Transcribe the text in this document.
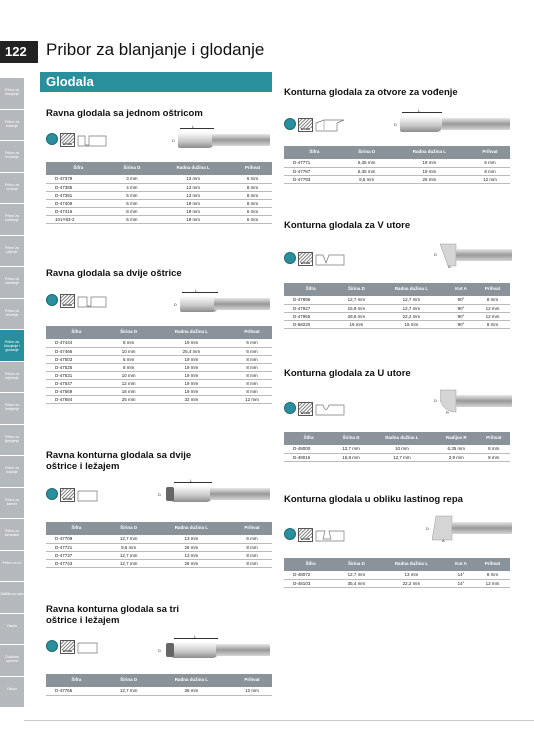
122	Pribor za blanjanje i glodanje
Pribor za blanjanje
Pribor za bušenje
Pribor za brušenje
Pribor za rezanje
Pribor za poliranje
Pribor za piljenje
Pribor za zavrtanje
Pribor za čišćenje
Pribor za blanjanje i glodanje
Pribor za mjerenje
Pribor za lemljenje
Pribor za lijepljenje
Pribor za bojanje
Pribor za kamen
Pribor za keramiku
Pribor za vrt
Zaštita na radu
Ostalo
Dodatna oprema
Ostalo
Glodala
Ravna glodala sa jednom oštricom
WOOD
L
D
Šifra	Širina D	Radna dužina L	Prihvat
D-47379	3 mm	13 mm	6 mm
D-47385	4 mm	13 mm	8 mm
D-47391	5 mm	13 mm	8 mm
D-47409	6 mm	19 mm	8 mm
D-47416	8 mm	19 mm	6 mm
101Y83-2	6 mm	19 mm	6 mm
Ravna glodala sa dvije oštrice
WOOD
L
D
Šifra	Širina D	Radna dužina L	Prihvat
D-47444	8 mm	19 mm	6 mm
D-47466	10 mm	25,4 mm	6 mm
D-47503	6 mm	19 mm	8 mm
D-47525	8 mm	19 mm	8 mm
D-47531	10 mm	19 mm	8 mm
D-47547	12 mm	19 mm	8 mm
D-47569	16 mm	19 mm	8 mm
D-47684	25 mm	32 mm	12 mm
Ravna konturna glodala sa dvije oštrice i ležajem
WOOD
L
D
Šifra	Širina D	Radna dužina L	Prihvat
D-47709	12,7 mm	13 mm	6 mm
D-47721	9,5 mm	26 mm	8 mm
D-47737	12,7 mm	13 mm	8 mm
D-47743	12,7 mm	26 mm	8 mm
Ravna konturna glodala sa tri oštrice i ležajem
WOOD
L
D
Šifra	Širina D	Radna dužina L	Prihvat
D-47765	12,7 mm	38 mm	12 mm
Konturna glodala za otvore za vođenje
WOOD
L
D
Šifra	Širina D	Radna dužina L	Prihvat
D-47771	6,35 mm	19 mm	6 mm
D-47787	6,35 mm	19 mm	8 mm
D-47793	9,5 mm	26 mm	12 mm
Konturna glodala za V utore
WOOD
D
A
Šifra	Širina D	Radna dužina L	Kut A	Prihvat
D-47896	12,7 mm	12,7 mm	90°	8 mm
D-47927	15,9 mm	12,7 mm	90°	12 mm
D-47955	28,6 mm	22,2 mm	90°	12 mm
D-58220	19 mm	16 mm	90°	8 mm
Konturna glodala za U utore
WOOD
D
R
Šifra	Širina D	Radna dužina L	Radijus R	Prihvat
D-48000	12,7 mm	10 mm	6,35 mm	8 mm
D-48016	15,8 mm	12,7 mm	3,9 mm	8 mm
Konturna glodala u obliku lastinog repa
WOOD
D
A
Šifra	Širina D	Radna dužina L	Kut A	Prihvat
D-48072	12,7 mm	13 mm	14°	8 mm
D-48103	35,4 mm	22,2 mm	14°	12 mm
